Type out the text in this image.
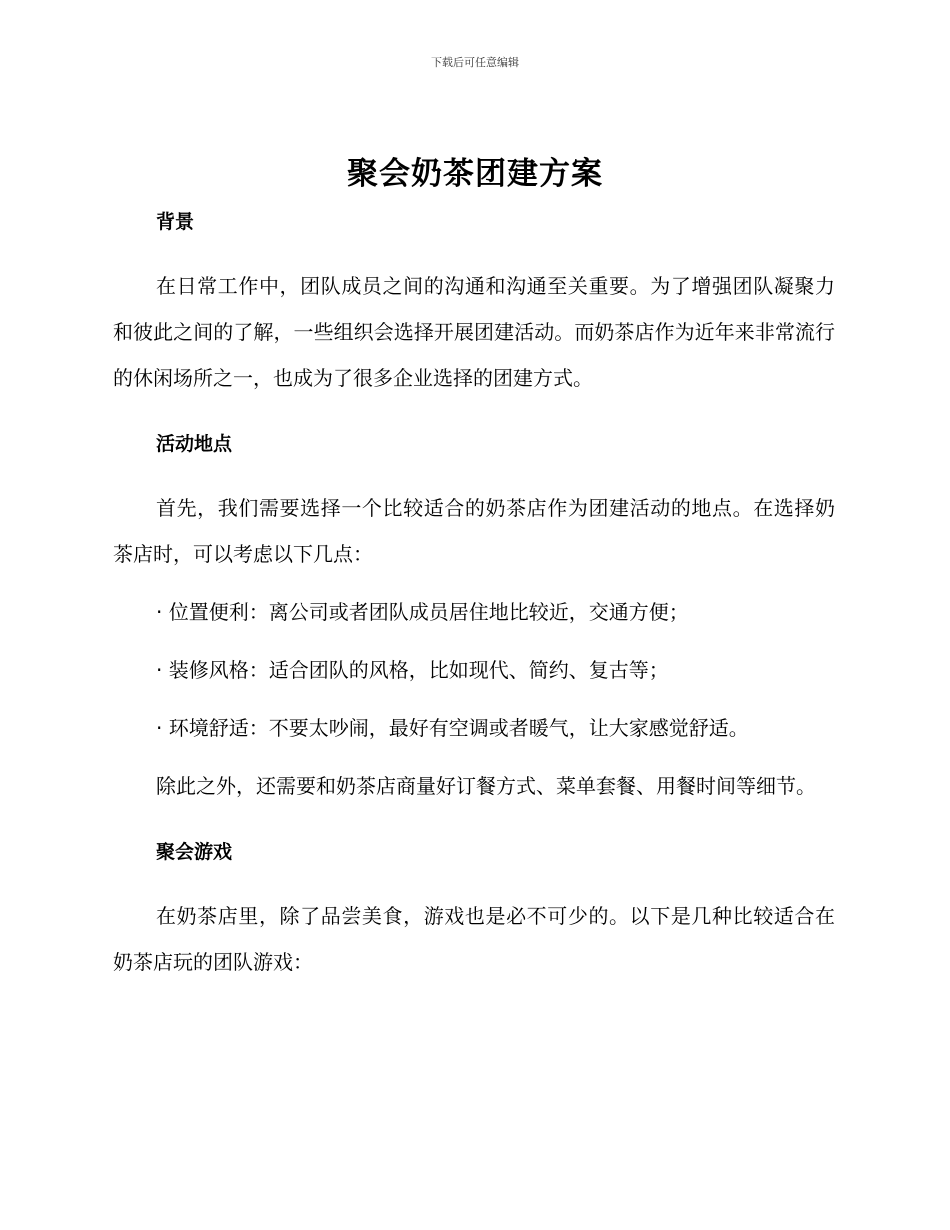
下载后可任意编辑
聚会奶茶团建方案
背景

在日常工作中，团队成员之间的沟通和沟通至关重要。为了增强团队凝聚力和彼此之间的了解，一些组织会选择开展团建活动。而奶茶店作为近年来非常流行的休闲场所之一，也成为了很多企业选择的团建方式。

活动地点

首先，我们需要选择一个比较适合的奶茶店作为团建活动的地点。在选择奶茶店时，可以考虑以下几点：

· 位置便利：离公司或者团队成员居住地比较近，交通方便；

· 装修风格：适合团队的风格，比如现代、简约、复古等；

· 环境舒适：不要太吵闹，最好有空调或者暖气，让大家感觉舒适。

除此之外，还需要和奶茶店商量好订餐方式、菜单套餐、用餐时间等细节。

聚会游戏

在奶茶店里，除了品尝美食，游戏也是必不可少的。以下是几种比较适合在奶茶店玩的团队游戏：
